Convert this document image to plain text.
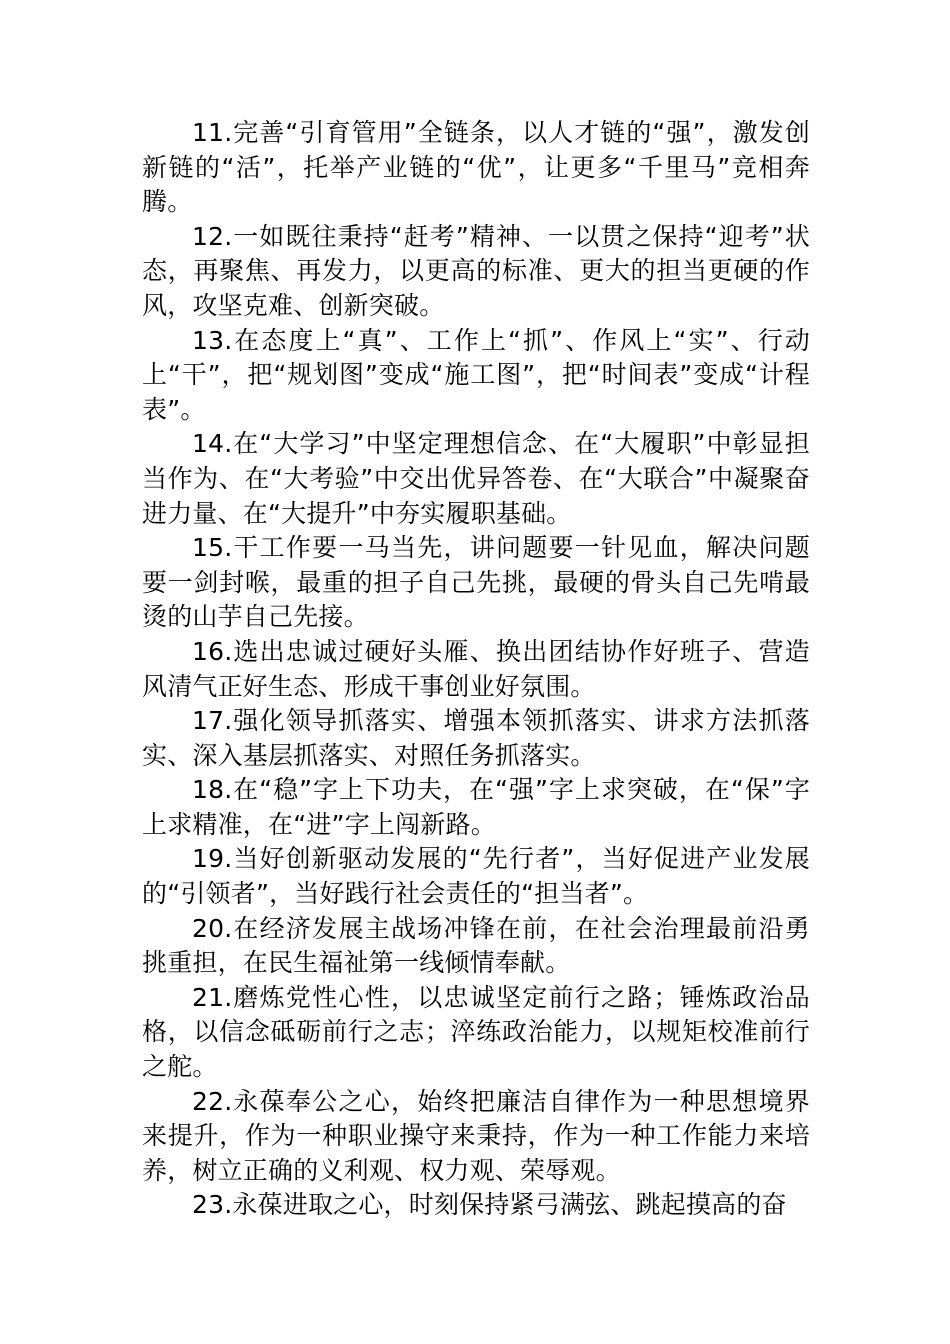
11.完善“引育管用”全链条，以人才链的“强”，激发创新链的“活”，托举产业链的“优”，让更多“千里马”竞相奔腾。

12.一如既往秉持“赶考”精神、一以贯之保持“迎考”状态，再聚焦、再发力，以更高的标准、更大的担当更硬的作风，攻坚克难、创新突破。

13.在态度上“真”、工作上“抓”、作风上“实”、行动上“干”，把“规划图”变成“施工图”，把“时间表”变成“计程表”。

14.在“大学习”中坚定理想信念、在“大履职”中彰显担当作为、在“大考验”中交出优异答卷、在“大联合”中凝聚奋进力量、在“大提升”中夯实履职基础。

15.干工作要一马当先，讲问题要一针见血，解决问题要一剑封喉，最重的担子自己先挑，最硬的骨头自己先啃最烫的山芋自己先接。

16.选出忠诚过硬好头雁、换出团结协作好班子、营造风清气正好生态、形成干事创业好氛围。

17.强化领导抓落实、增强本领抓落实、讲求方法抓落实、深入基层抓落实、对照任务抓落实。

18.在“稳”字上下功夫，在“强”字上求突破，在“保”字上求精准，在“进”字上闯新路。

19.当好创新驱动发展的“先行者”，当好促进产业发展的“引领者”，当好践行社会责任的“担当者”。

20.在经济发展主战场冲锋在前，在社会治理最前沿勇挑重担，在民生福祉第一线倾情奉献。

21.磨炼党性心性，以忠诚坚定前行之路；锤炼政治品格，以信念砥砺前行之志；淬练政治能力，以规矩校准前行之舵。

22.永葆奉公之心，始终把廉洁自律作为一种思想境界来提升，作为一种职业操守来秉持，作为一种工作能力来培养，树立正确的义利观、权力观、荣辱观。

23.永葆进取之心，时刻保持紧弓满弦、跳起摸高的奋
